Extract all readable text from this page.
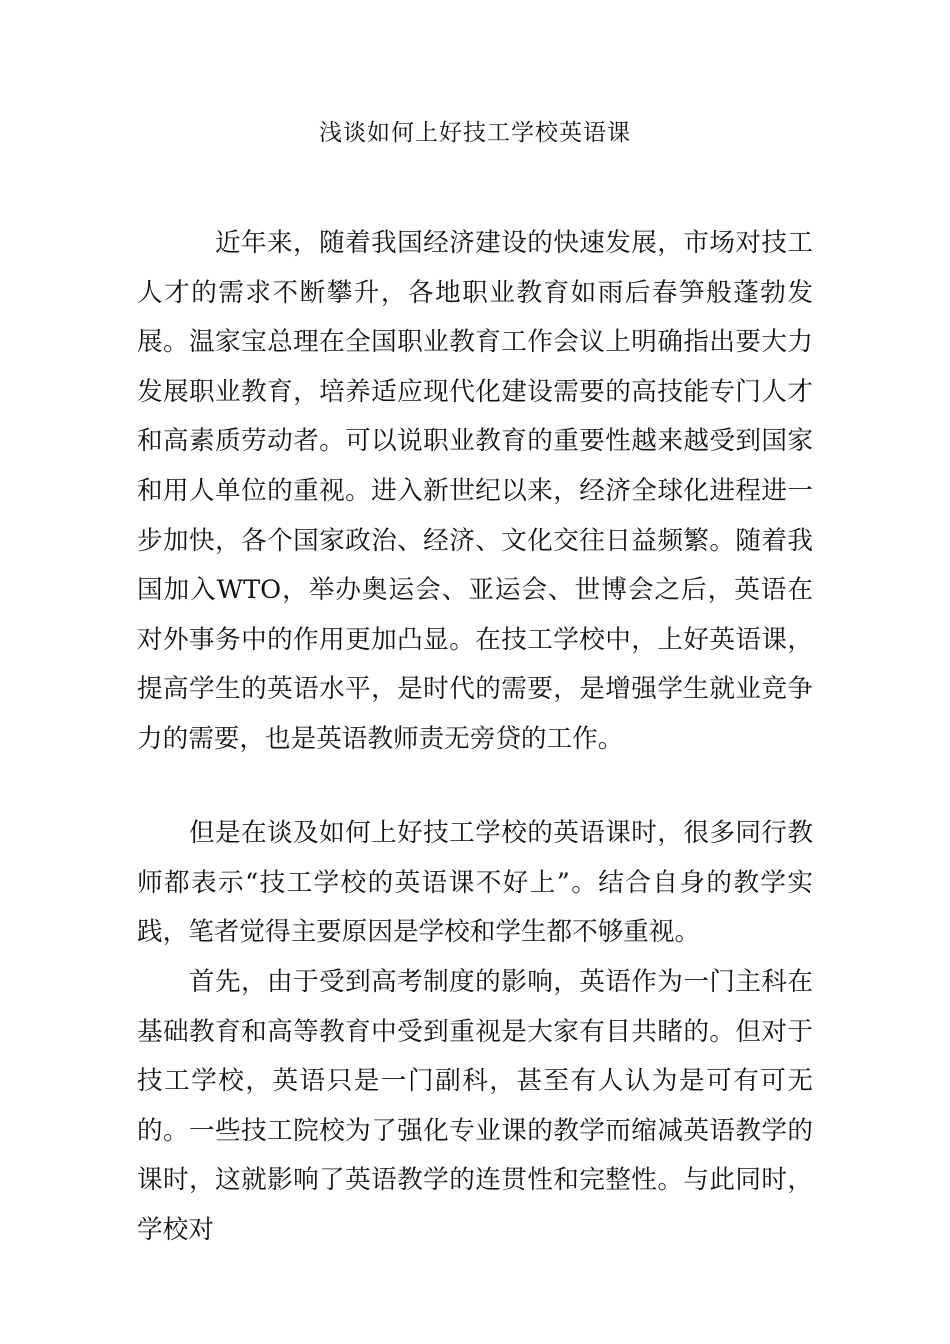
浅谈如何上好技工学校英语课

近年来，随着我国经济建设的快速发展，市场对技工人才的需求不断攀升，各地职业教育如雨后春笋般蓬勃发展。温家宝总理在全国职业教育工作会议上明确指出要大力发展职业教育，培养适应现代化建设需要的高技能专门人才和高素质劳动者。可以说职业教育的重要性越来越受到国家和用人单位的重视。进入新世纪以来，经济全球化进程进一步加快，各个国家政治、经济、文化交往日益频繁。随着我国加入WTO，举办奥运会、亚运会、世博会之后，英语在对外事务中的作用更加凸显。在技工学校中，上好英语课，提高学生的英语水平，是时代的需要，是增强学生就业竞争力的需要，也是英语教师责无旁贷的工作。

但是在谈及如何上好技工学校的英语课时，很多同行教师都表示“技工学校的英语课不好上”。结合自身的教学实践，笔者觉得主要原因是学校和学生都不够重视。

首先，由于受到高考制度的影响，英语作为一门主科在基础教育和高等教育中受到重视是大家有目共睹的。但对于技工学校，英语只是一门副科，甚至有人认为是可有可无的。一些技工院校为了强化专业课的教学而缩减英语教学的课时，这就影响了英语教学的连贯性和完整性。与此同时，学校对
